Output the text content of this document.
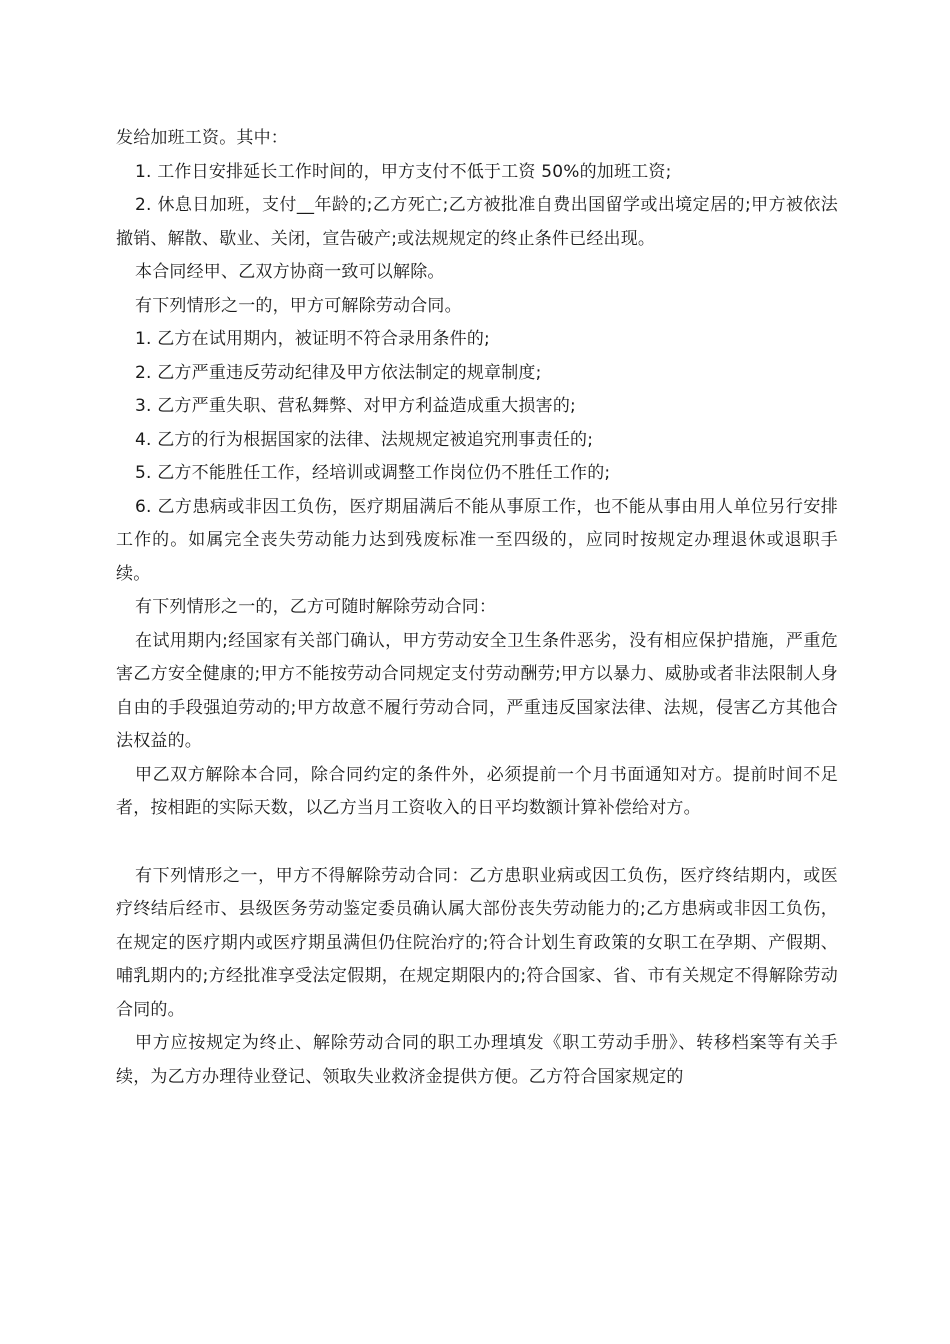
发给加班工资。其中：

1. 工作日安排延长工作时间的，甲方支付不低于工资 50%的加班工资;

2. 休息日加班，支付__年龄的;乙方死亡;乙方被批准自费出国留学或出境定居的;甲方被依法撤销、解散、歇业、关闭，宣告破产;或法规规定的终止条件已经出现。

本合同经甲、乙双方协商一致可以解除。

有下列情形之一的，甲方可解除劳动合同。

1. 乙方在试用期内，被证明不符合录用条件的;

2. 乙方严重违反劳动纪律及甲方依法制定的规章制度;

3. 乙方严重失职、营私舞弊、对甲方利益造成重大损害的;

4. 乙方的行为根据国家的法律、法规规定被追究刑事责任的;

5. 乙方不能胜任工作，经培训或调整工作岗位仍不胜任工作的;

6. 乙方患病或非因工负伤，医疗期届满后不能从事原工作，也不能从事由用人单位另行安排工作的。如属完全丧失劳动能力达到残废标准一至四级的，应同时按规定办理退休或退职手续。

有下列情形之一的，乙方可随时解除劳动合同：

在试用期内;经国家有关部门确认，甲方劳动安全卫生条件恶劣，没有相应保护措施，严重危害乙方安全健康的;甲方不能按劳动合同规定支付劳动酬劳;甲方以暴力、威胁或者非法限制人身自由的手段强迫劳动的;甲方故意不履行劳动合同，严重违反国家法律、法规，侵害乙方其他合法权益的。

甲乙双方解除本合同，除合同约定的条件外，必须提前一个月书面通知对方。提前时间不足者，按相距的实际天数，以乙方当月工资收入的日平均数额计算补偿给对方。

有下列情形之一，甲方不得解除劳动合同：乙方患职业病或因工负伤，医疗终结期内，或医疗终结后经市、县级医务劳动鉴定委员确认属大部份丧失劳动能力的;乙方患病或非因工负伤，在规定的医疗期内或医疗期虽满但仍住院治疗的;符合计划生育政策的女职工在孕期、产假期、哺乳期内的;方经批准享受法定假期，在规定期限内的;符合国家、省、市有关规定不得解除劳动合同的。

甲方应按规定为终止、解除劳动合同的职工办理填发《职工劳动手册》、转移档案等有关手续，为乙方办理待业登记、领取失业救济金提供方便。乙方符合国家规定的
